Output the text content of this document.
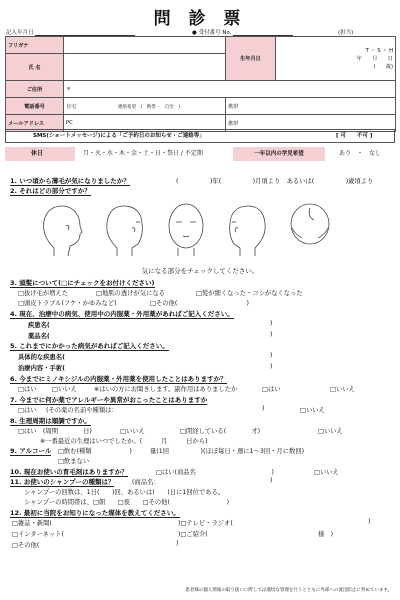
問 診 票
記入年月日	● 受付番号 No.	(担当)
フリガナ		生年月日	T ・ S ・ H
年　　月　　日
(　　歳)

氏 名			
ご住所	〒		
電話番号	自宅 連絡希望　(　携帯・　自宅　)	携帯	
メールアドレス	PC	携帯	
SMS(ショートメッセージ)による「ご予約日のお知らせ・ご連絡等」	[ 可　　不可 ]
休日	月・火・水・木・金・土・日・祭日 / 不定期	一年以内の学児希望	あり　・　なし
1. いつ頃から薄毛が気になりましたか？	(　　　　　)年(　　　　　)月頃より　あるいは(　　　　　)歳頃より
2. それはどの部分ですか？
気になる部分をチェックしてください。
3. 頭髪について(□にチェックをお付けください)
□抜け毛が増えた	□地肌の透けが気になる	□髪が細くなった・コシがなくなった
□頭皮トラブル(フケ・かゆみなど)	□その他(　　　　　　　　　　　)
4. 現在、治療中の病気、使用中の内服薬・外用薬があればご記入ください。
疾患名(	)
薬品名(	)
5. これまでにかかった病気があればご記入ください。
具体的な疾患名(	)
治療内容・手術(	)
6. 今までにミノキシジルの内服薬・外用薬を使用したことはありますか？
□はい □いいえ	※はいの方にお聞きします。副作用はありましたか	□はい	□いいえ
7. 今までに何か薬でアレルギーや異常がおこったことはありますか
□はい (その薬の名前や種類は：	)	□いいえ
8. 生理周期は順調ですか。
□はい　(周期　　　　日)	□いいえ	□閉経している(　　　　才)	□いいえ
※一番最近の生理はいつでしたか。(　　　月　　　日から)
9. アルコール □飲む(種類　　　　　　)	量(1回　　　　　)(ほぼ毎日・週に1〜3回・月に数回)
□飲まない
10. 現在お使いの育毛剤はありますか？	□はい(商品名　　　　　　　　　　　　)	□いいえ
11. お使いのシャンプーの種類は？	(商品名：	)
シャンプーの回数は、1日(　　)回、あるいは(　　)日に1回位である。
シャンプーの時間帯は、□朝　　□夜　　□その他(　　　　　　　　　)
12. 最初に当院をお知りになった媒体を教えてください。
□雑誌・新聞(	)□テレビ・ラジオ(	)
□インターネット(	)□ご紹介(	様　)
□その他(	)
患者様の個人情報の取り扱いに際しては適切な管理を行うとともに外部への流出防止に努めています。
